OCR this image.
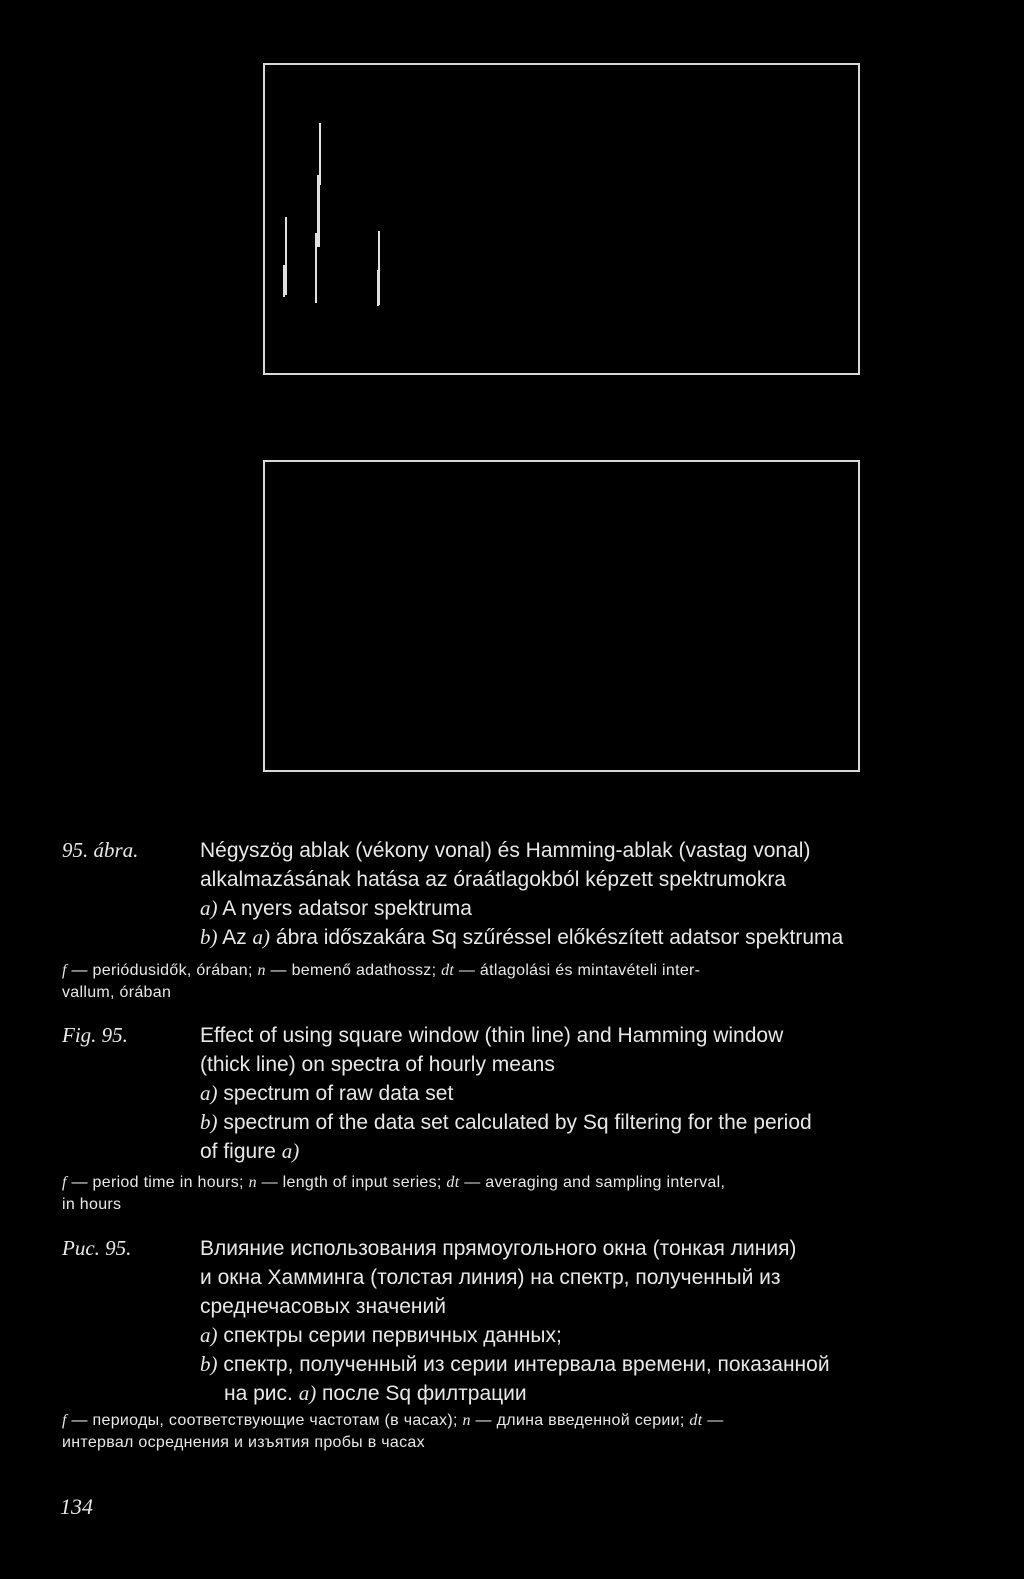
95. ábra.	Négyszög ablak (vékony vonal) és Hamming-ablak (vastag vonal)
alkalmazásának hatása az óraátlagokból képzett spektrumokra
a) A nyers adatsor spektruma
b) Az a) ábra időszakára Sq szűréssel előkészített adatsor spektruma
f — periódusidők, órában; n — bemenő adathossz; dt — átlagolási és mintavételi inter-
vallum, órában
Fig. 95.	Effect of using square window (thin line) and Hamming window
(thick line) on spectra of hourly means
a) spectrum of raw data set
b) spectrum of the data set calculated by Sq filtering for the period
of figure a)
f — period time in hours; n — length of input series; dt — averaging and sampling interval,
in hours
Рис. 95.	Влияние использования прямоугольного окна (тонкая линия)
и окна Хамминга (толстая линия) на спектр, полученный из
среднечасовых значений
a) спектры серии первичных данных;
b) спектр, полученный из серии интервала времени, показанной
на рис. a) после Sq филтрации
f — периоды, соответствующие частотам (в часах); n — длина введенной серии; dt —
интервал осреднения и изъятия пробы в часах
134
